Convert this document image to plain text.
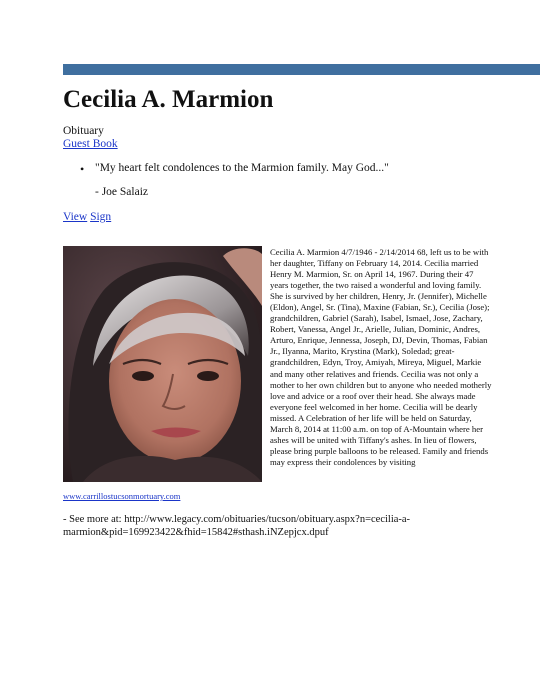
Cecilia A. Marmion
Obituary
Guest Book
• "My heart felt condolences to the Marmion family. May God..."
- Joe Salaiz
View Sign
Cecilia A. Marmion 4/7/1946 - 2/14/2014 68, left us to be with her daughter, Tiffany on February 14, 2014. Cecilia married Henry M. Marmion, Sr. on April 14, 1967. During their 47 years together, the two raised a wonderful and loving family. She is survived by her children, Henry, Jr. (Jennifer), Michelle (Eldon), Angel, Sr. (Tina), Maxine (Fabian, Sr.), Cecilia (Jose); grandchildren, Gabriel (Sarah), Isabel, Ismael, Jose, Zachary, Robert, Vanessa, Angel Jr., Arielle, Julian, Dominic, Andres, Arturo, Enrique, Jennessa, Joseph, DJ, Devin, Thomas, Fabian Jr., Ilyanna, Marito, Krystina (Mark), Soledad; great-grandchildren, Edyn, Troy, Amiyah, Mireya, Miguel, Markie and many other relatives and friends. Cecilia was not only a mother to her own children but to anyone who needed motherly love and advice or a roof over their head. She always made everyone feel welcomed in her home. Cecilia will be dearly missed. A Celebration of her life will be held on Saturday, March 8, 2014 at 11:00 a.m. on top of A-Mountain where her ashes will be united with Tiffany's ashes. In lieu of flowers, please bring purple balloons to be released. Family and friends may express their condolences by visiting
www.carrillostucsonmortuary.com
- See more at: http://www.legacy.com/obituaries/tucson/obituary.aspx?n=cecilia-a-marmion&pid=169923422&fhid=15842#sthash.iNZepjcx.dpuf
